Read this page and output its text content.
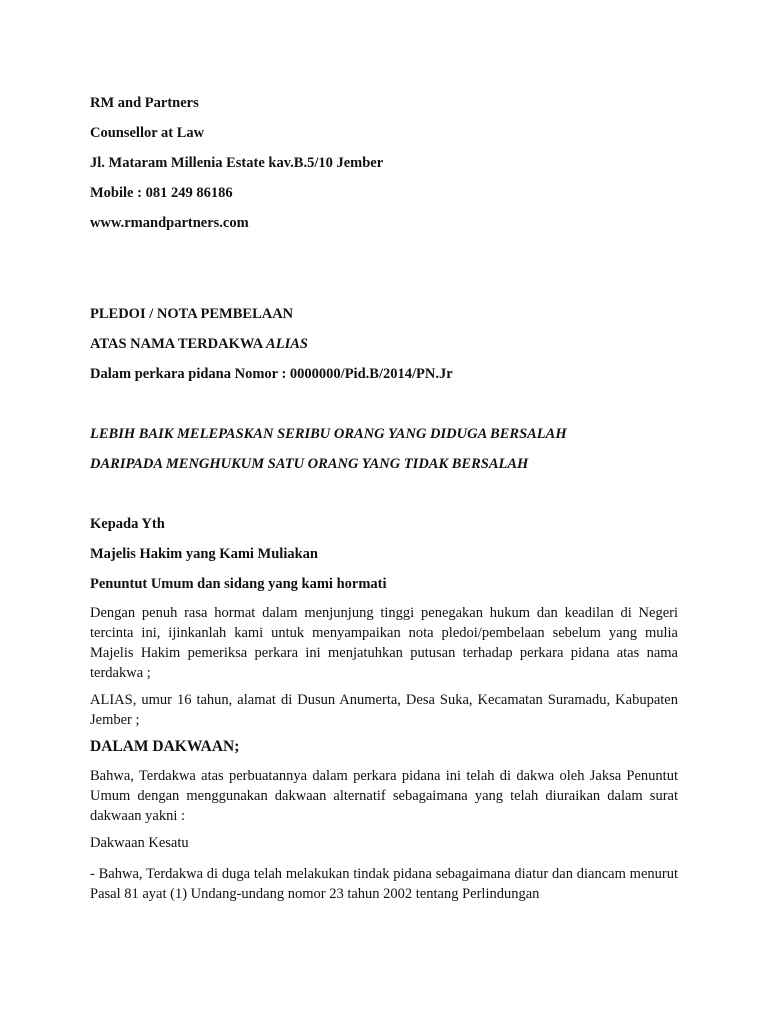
RM and Partners
Counsellor at Law
Jl. Mataram Millenia Estate kav.B.5/10 Jember
Mobile : 081 249 86186
www.rmandpartners.com
PLEDOI / NOTA PEMBELAAN
ATAS NAMA TERDAKWA ALIAS
Dalam perkara pidana Nomor : 0000000/Pid.B/2014/PN.Jr
LEBIH BAIK MELEPASKAN SERIBU ORANG YANG DIDUGA BERSALAH
DARIPADA MENGHUKUM SATU ORANG YANG TIDAK BERSALAH
Kepada Yth
Majelis Hakim yang Kami Muliakan
Penuntut Umum dan sidang yang kami hormati
Dengan penuh rasa hormat dalam menjunjung tinggi penegakan hukum dan keadilan di Negeri tercinta ini, ijinkanlah kami untuk menyampaikan nota pledoi/pembelaan sebelum yang mulia Majelis Hakim pemeriksa perkara ini menjatuhkan putusan terhadap perkara pidana atas nama terdakwa ;
ALIAS, umur 16 tahun, alamat di Dusun Anumerta, Desa Suka, Kecamatan Suramadu, Kabupaten Jember ;
DALAM DAKWAAN;
Bahwa, Terdakwa atas perbuatannya dalam perkara pidana ini telah di dakwa oleh Jaksa Penuntut Umum dengan menggunakan dakwaan alternatif sebagaimana yang telah diuraikan dalam surat dakwaan yakni :
Dakwaan Kesatu
- Bahwa, Terdakwa di duga telah melakukan tindak pidana sebagaimana diatur dan diancam menurut Pasal 81 ayat (1) Undang-undang nomor 23 tahun 2002 tentang Perlindungan
